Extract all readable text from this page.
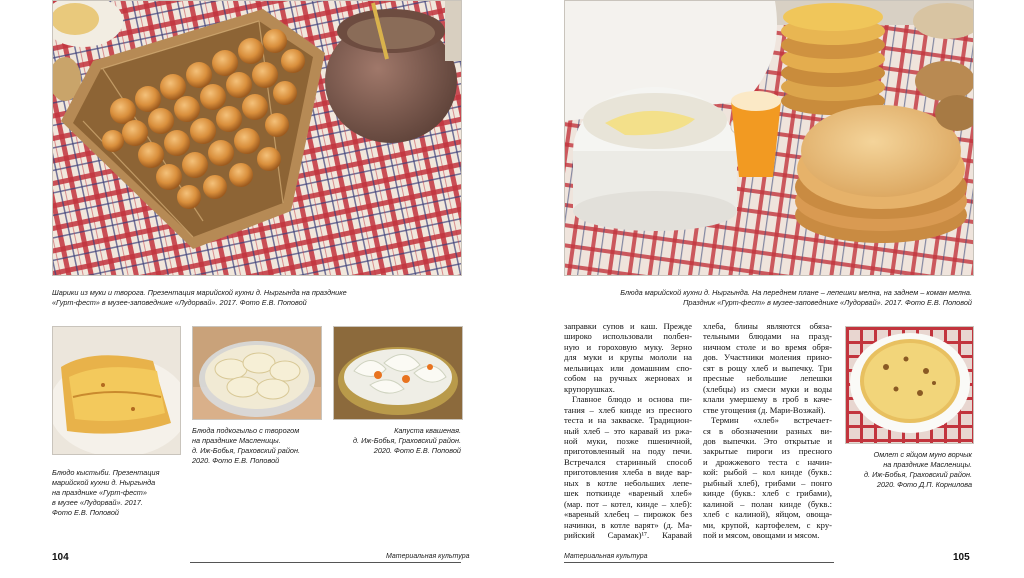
Шарики из муки и творога. Презентация марийской кухни д. Ныргында на празднике
«Гурт-фест» в музее-заповеднике «Лудорвай». 2017. Фото Е.В. Поповой
Блюдо кыстыби. Презентация
марийской кухни д. Ныргында
на празднике «Гурт-фест»
в музее «Лудорвай». 2017.
Фото Е.В. Поповой
Блюда подкогыльо с творогом
на празднике Масленицы.
д. Иж-Бобья, Граховский район.
2020. Фото Е.В. Поповой
Капуста квашеная.
д. Иж-Бобья, Граховский район.
2020. Фото Е.В. Поповой
104	Материальная культура
Блюда марийской кухни д. Ныргында. На переднем плане – лепешки мелна, на заднем – коман мелна.
Праздник «Гурт-фест» в музее-заповеднике «Лудорвай». 2017. Фото Е.В. Поповой
заправки супов и каш. Прежде
широко использовали полбен-
ную и гороховую муку. Зерно
для муки и крупы мололи на
мельницах или домашним спо-
собом на ручных жерновах и
крупорушках.
Главное блюдо и основа пи-
тания – хлеб кинде из пресного
теста и на закваске. Традицион-
ный хлеб – это каравай из ржа-
ной муки, позже пшеничной,
приготовленный на поду печи.
Встречался старинный способ
приготовления хлеба в виде вар-
ных в котле небольших лепе-
шек поткинде «вареный хлеб»
(мар. пот – котел, кинде – хлеб):
«вареный хлебец – пирожок без
начинки, в котле варят» (д. Ма-
рийский Сарамак)¹⁷. Каравай
хлеба, блины являются обяза-
тельными блюдами на празд-
ничном столе и во время обря-
дов. Участники моления прино-
сят в рощу хлеб и выпечку. Три
пресные небольшие лепешки
(хлебцы) из смеси муки и воды
клали умершему в гроб в каче-
стве угощения (д. Мари-Возжай).
Термин «хлеб» встречает-
ся в обозначении разных ви-
дов выпечки. Это открытые и
закрытые пироги из пресного
и дрожжевого теста с начин-
кой: рыбой – кол кинде (букв.:
рыбный хлеб), грибами – понго
кинде (букв.: хлеб с грибами),
калиной – полан кинде (букв.:
хлеб с калиной), яйцом, овоща-
ми, крупой, картофелем, с кру-
пой и мясом, овощами и мясом.
Омлет с яйцом муно ворчык
на празднике Масленицы.
д. Иж-Бобья, Граховский район.
2020. Фото Д.П. Корнилова
Материальная культура	105
